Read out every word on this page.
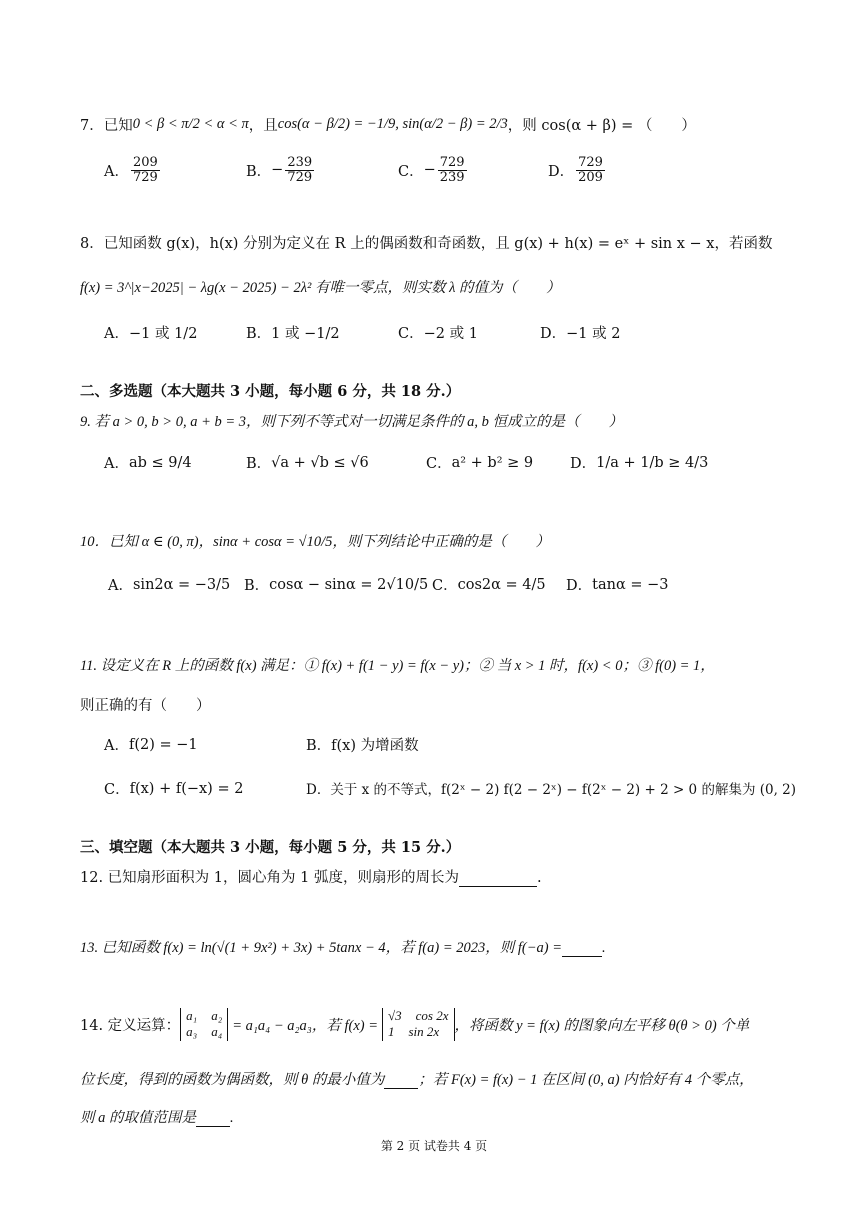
7． 已知 0 < β < π/2 < α < π ，且 cos(α − β/2) = −1/9, sin(α/2 − β) = 2/3 ，则 cos(α + β) = （　　）
A． $\frac{209}{729}$	B． − $\frac{239}{729}$	C． − $\frac{729}{239}$	D． $\frac{729}{209}$
8．已知函数 g(x)，h(x) 分别为定义在 R 上的偶函数和奇函数，且 g(x) + h(x) = eˣ + sin x − x，若函数
f(x) = 3^|x−2025| − λg(x − 2025) − 2λ² 有唯一零点，则实数 λ 的值为（　　）
A． −1 或 1/2	B． 1 或 −1/2	C． −2 或 1	D． −1 或 2
二、多选题（本大题共 3 小题，每小题 6 分，共 18 分.）
9. 若 a > 0, b > 0, a + b = 3，则下列不等式对一切满足条件的 a, b 恒成立的是（　　）
A． ab ≤ 9/4	B． √a + √b ≤ √6	C． a² + b² ≥ 9	D． 1/a + 1/b ≥ 4/3
10．已知 α ∈ (0, π)，sinα + cosα = √10/5，则下列结论中正确的是（　　）
A． sin2α = −3/5 B． cosα − sinα = 2√10/5 C． cos2α = 4/5 D． tanα = −3
11. 设定义在 R 上的函数 f(x) 满足：① f(x) + f(1 − y) = f(x − y)；② 当 x > 1 时，f(x) < 0；③ f(0) = 1，
则正确的有（　　）
A． f(2) = −1	B． f(x) 为增函数
C． f(x) + f(−x) = 2	D． 关于 x 的不等式，f(2ˣ − 2) f(2 − 2ˣ) − f(2ˣ − 2) + 2 > 0 的解集为 (0, 2)
三、填空题（本大题共 3 小题，每小题 5 分，共 15 分.）
12. 已知扇形面积为 1，圆心角为 1 弧度，则扇形的周长为	.
13. 已知函数 f(x) = ln(√(1 + 9x²) + 3x) + 5tanx − 4，若 f(a) = 2023，则 f(−a) =	.
14. 定义运算：
a₁ a₂
a₃ a₄ = a₁a₄ − a₂a₃，若 f(x) =
√3 cos 2x
1 sin 2x ，将函数 y = f(x) 的图象向左平移 θ(θ > 0) 个单
位长度，得到的函数为偶函数，则 θ 的最小值为 ；若 F(x) = f(x) − 1 在区间 (0, a) 内恰好有 4 个零点，
则 a 的取值范围是 .
第 2 页 试卷共 4 页
